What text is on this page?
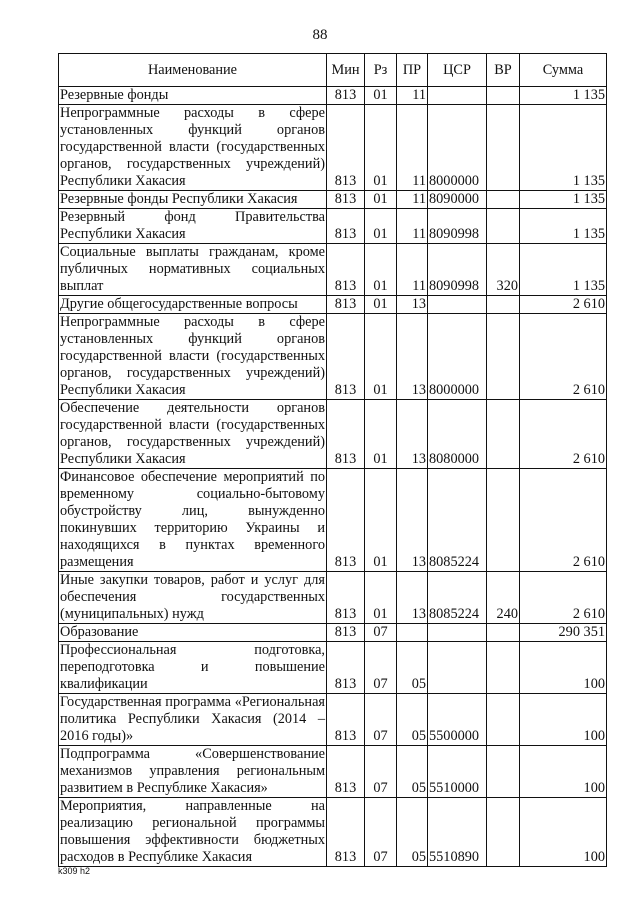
88
Наименование	Мин	Рз	ПР	ЦСР	ВР	Сумма

Резервные фонды	813	01	11			1 135

Непрограммные расходы в сфере установленных функций органов государственной власти (государственных органов, государственных учреждений) Республики Хакасия	813	01	11	8000000		1 135

Резервные фонды Республики Хакасия	813	01	11	8090000		1 135

Резервный фонд Правительства Республики Хакасия	813	01	11	8090998		1 135

Социальные выплаты гражданам, кроме публичных нормативных социальных выплат	813	01	11	8090998	320	1 135

Другие общегосударственные вопросы	813	01	13			2 610

Непрограммные расходы в сфере установленных функций органов государственной власти (государственных органов, государственных учреждений) Республики Хакасия	813	01	13	8000000		2 610

Обеспечение деятельности органов государственной власти (государственных органов, государственных учреждений) Республики Хакасия	813	01	13	8080000		2 610

Финансовое обеспечение мероприятий по временному социально-бытовому обустройству лиц, вынужденно покинувших территорию Украины и находящихся в пунктах временного размещения	813	01	13	8085224		2 610

Иные закупки товаров, работ и услуг для обеспечения государственных (муниципальных) нужд	813	01	13	8085224	240	2 610

Образование	813	07				290 351

Профессиональная подготовка, переподготовка и повышение квалификации	813	07	05			100

Государственная программа «Региональная политика Республики Хакасия (2014 – 2016 годы)»	813	07	05	5500000		100

Подпрограмма «Совершенствование механизмов управления региональным развитием в Республике Хакасия»	813	07	05	5510000		100

Мероприятия, направленные на реализацию региональной программы повышения эффективности бюджетных расходов в Республике Хакасия	813	07	05	5510890		100
k309 h2
